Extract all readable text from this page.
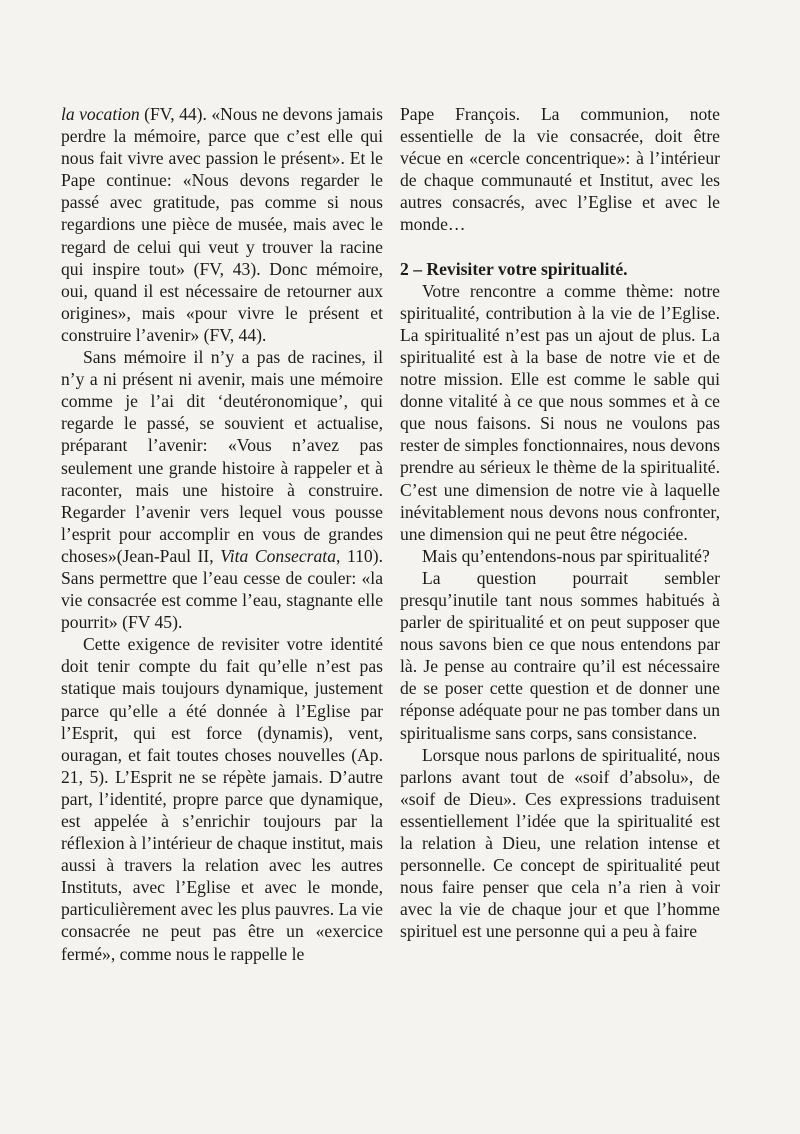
la vocation (FV, 44). «Nous ne devons jamais perdre la mémoire, parce que c’est elle qui nous fait vivre avec passion le présent». Et le Pape continue: «Nous devons regarder le passé avec gratitude, pas comme si nous regardions une pièce de musée, mais avec le regard de celui qui veut y trouver la racine qui inspire tout» (FV, 43). Donc mémoire, oui, quand il est nécessaire de retourner aux origines», mais «pour vivre le présent et construire l’avenir» (FV, 44).

Sans mémoire il n’y a pas de racines, il n’y a ni présent ni avenir, mais une mémoire comme je l’ai dit ‘deutéronomique’, qui regarde le passé, se souvient et actualise, préparant l’avenir: «Vous n’avez pas seulement une grande histoire à rappeler et à raconter, mais une histoire à construire. Regarder l’avenir vers lequel vous pousse l’esprit pour accomplir en vous de grandes choses»(Jean-Paul II, Vita Consecrata, 110). Sans permettre que l’eau cesse de couler: «la vie consacrée est comme l’eau, stagnante elle pourrit» (FV 45).

Cette exigence de revisiter votre identité doit tenir compte du fait qu’elle n’est pas statique mais toujours dynamique, justement parce qu’elle a été donnée à l’Eglise par l’Esprit, qui est force (dynamis), vent, ouragan, et fait toutes choses nouvelles (Ap. 21, 5). L’Esprit ne se répète jamais. D’autre part, l’identité, propre parce que dynamique, est appelée à s’enrichir toujours par la réflexion à l’intérieur de chaque institut, mais aussi à travers la relation avec les autres Instituts, avec l’Eglise et avec le monde, particulièrement avec les plus pauvres. La vie consacrée ne peut pas être un «exercice fermé», comme nous le rappelle le

Pape François. La communion, note essentielle de la vie consacrée, doit être vécue en «cercle concentrique»: à l’intérieur de chaque communauté et Institut, avec les autres consacrés, avec l’Eglise et avec le monde…

2 – Revisiter votre spiritualité.

Votre rencontre a comme thème: notre spiritualité, contribution à la vie de l’Eglise. La spiritualité n’est pas un ajout de plus. La spiritualité est à la base de notre vie et de notre mission. Elle est comme le sable qui donne vitalité à ce que nous sommes et à ce que nous faisons. Si nous ne voulons pas rester de simples fonctionnaires, nous devons prendre au sérieux le thème de la spiritualité. C’est une dimension de notre vie à laquelle inévitablement nous devons nous confronter, une dimension qui ne peut être négociée.

Mais qu’entendons-nous par spiritualité?

La question pourrait sembler presqu’inutile tant nous sommes habitués à parler de spiritualité et on peut supposer que nous savons bien ce que nous entendons par là. Je pense au contraire qu’il est nécessaire de se poser cette question et de donner une réponse adéquate pour ne pas tomber dans un spiritualisme sans corps, sans consistance.

Lorsque nous parlons de spiritualité, nous parlons avant tout de «soif d’absolu», de «soif de Dieu». Ces expressions traduisent essentiellement l’idée que la spiritualité est la relation à Dieu, une relation intense et personnelle. Ce concept de spiritualité peut nous faire penser que cela n’a rien à voir avec la vie de chaque jour et que l’homme spirituel est une personne qui a peu à faire
